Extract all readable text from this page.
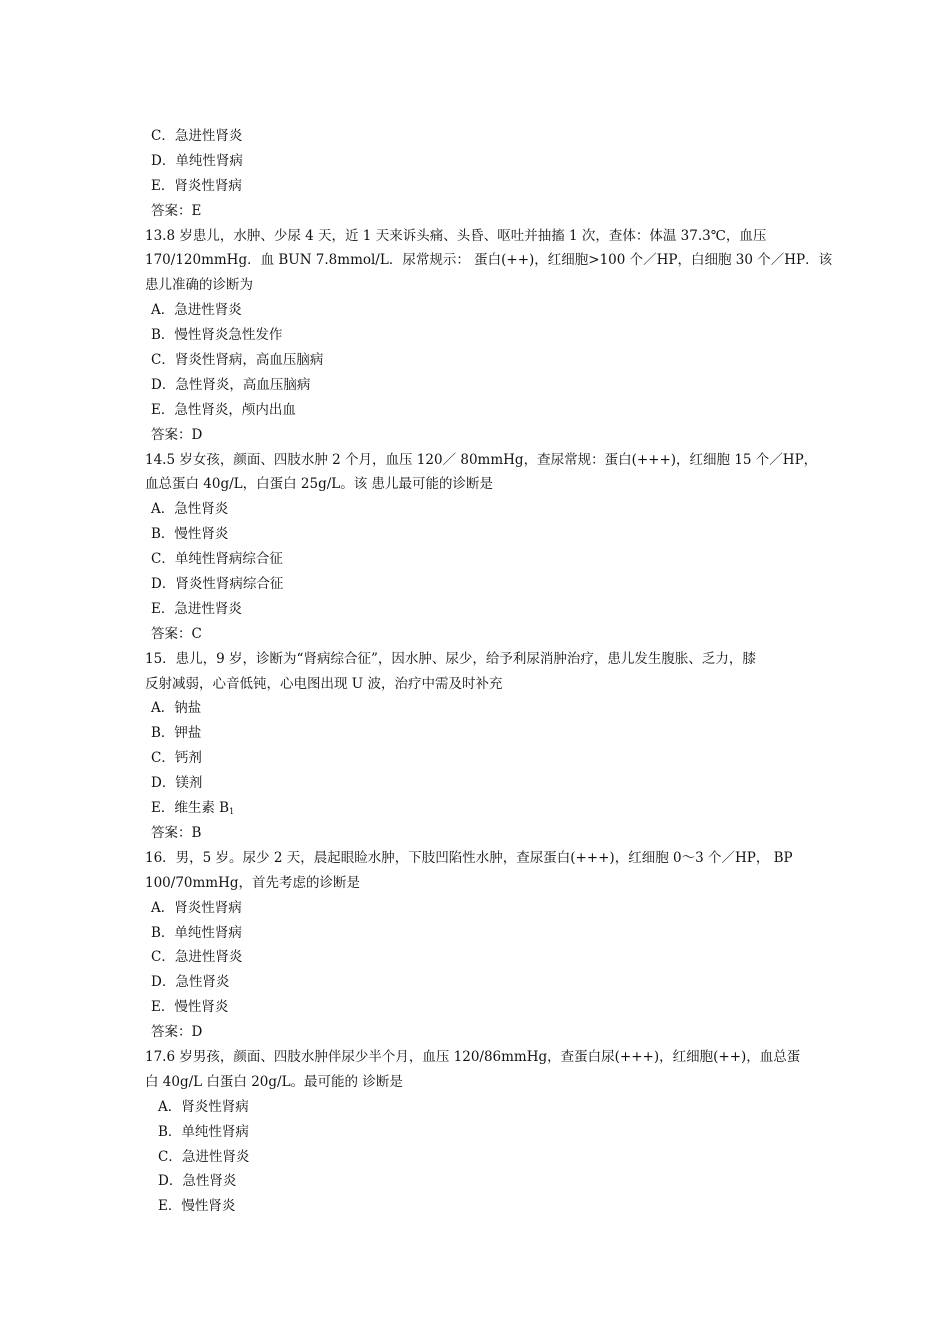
C．急进性肾炎
D．单纯性肾病
E．肾炎性肾病
答案：E
13.8 岁患儿，水肿、少尿 4 天，近 1 天来诉头痛、头昏、呕吐并抽搐 1 次，查体：体温 37.3℃，血压
170/120mmHg．血 BUN 7.8mmol/L．尿常规示： 蛋白(++)，红细胞>100 个／HP，白细胞 30 个／HP．该
患儿准确的诊断为
A．急进性肾炎
B．慢性肾炎急性发作
C．肾炎性肾病，高血压脑病
D．急性肾炎，高血压脑病
E．急性肾炎，颅内出血
答案：D
14.5 岁女孩，颜面、四肢水肿 2 个月，血压 120／ 80mmHg，查尿常规：蛋白(+++)，红细胞 15 个／HP，
血总蛋白 40g/L，白蛋白 25g/L。该 患儿最可能的诊断是
A．急性肾炎
B．慢性肾炎
C．单纯性肾病综合征
D．肾炎性肾病综合征
E．急进性肾炎
答案：C
15．患儿，9 岁，诊断为“肾病综合征”，因水肿、尿少，给予利尿消肿治疗，患儿发生腹胀、乏力，膝
反射减弱，心音低钝，心电图出现 U 波，治疗中需及时补充
A．钠盐
B．钾盐
C．钙剂
D．镁剂
E．维生素 $B_1$
答案：B
16．男，5 岁。尿少 2 天，晨起眼睑水肿，下肢凹陷性水肿，查尿蛋白(+++)，红细胞 0～3 个／HP， BP
100/70mmHg，首先考虑的诊断是
A．肾炎性肾病
B．单纯性肾病
C．急进性肾炎
D．急性肾炎
E．慢性肾炎
答案：D
17.6 岁男孩，颜面、四肢水肿伴尿少半个月，血压 120/86mmHg，查蛋白尿(+++)，红细胞(++)，血总蛋
白 40g/L 白蛋白 20g/L。最可能的 诊断是
A．肾炎性肾病
B．单纯性肾病
C．急进性肾炎
D．急性肾炎
E．慢性肾炎
